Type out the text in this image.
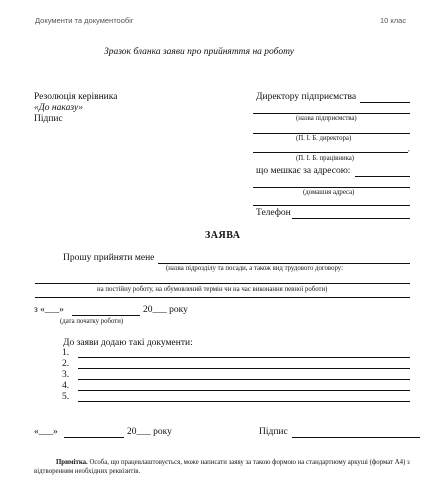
Документи та документообіг	10 клас
Зразок бланка заяви про прийняття на роботу
Резолюція керівника
«До наказу»
Підпис
Директору підприємства
(назва підприємства)
(П. І. Б. директора)
,
(П. І. Б. працівника)
що мешкає за адресою:
(домашня адреса)
Телефон
ЗАЯВА
Прошу прийняти мене
(назва підрозділу та посади, а також вид трудового договору:
на постійну роботу, на обумовлений термін чи на час виконання певної роботи)
з «___»	20___ року
(дата початку роботи)
До заяви додаю такі документи:
1.
2.
3.
4.
5.
«___»	20___ року	Підпис
Примітка. Особа, що працевлаштовується, може написати заяву за такою формою на стандартному аркуші (формат А4) з відтворенням необхідних реквізитів.
